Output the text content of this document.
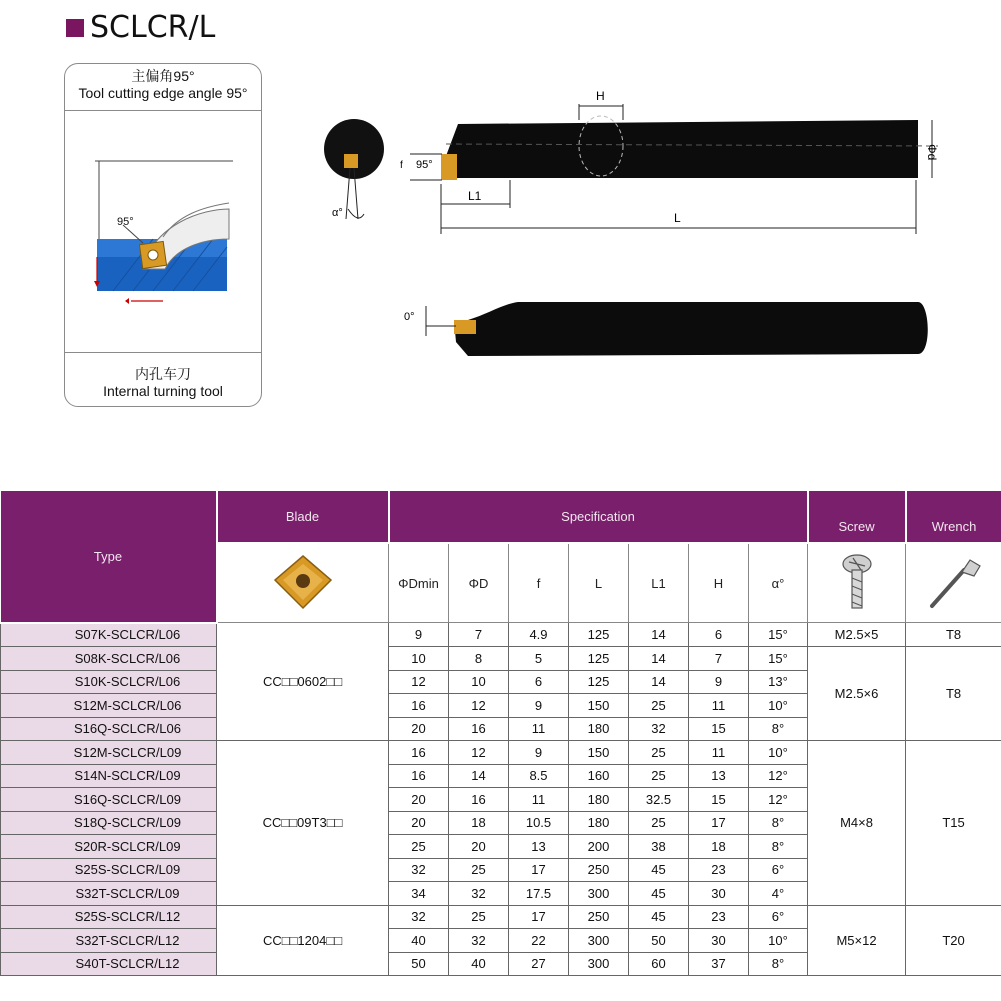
SCLCR/L
主偏角95°
Tool cutting edge angle 95°
95°
内孔车刀
Internal turning tool
α°
H
Φd
f 95°
L1
L
0°
Type	Blade	Specification							Screw	Wrench
	ΦDmin	ΦD	f	L	L1	H	α°		
S07K-SCLCR/L06	CC□□0602□□	9	7	4.9	125	14	6	15°	M2.5×5	T8
S08K-SCLCR/L06		10	8	5	125	14	7	15°	M2.5×6	T8
S10K-SCLCR/L06		12	10	6	125	14	9	13°		
S12M-SCLCR/L06		16	12	9	150	25	11	10°		
S16Q-SCLCR/L06		20	16	11	180	32	15	8°		
S12M-SCLCR/L09	CC□□09T3□□	16	12	9	150	25	11	10°	M4×8	T15
S14N-SCLCR/L09		16	14	8.5	160	25	13	12°		
S16Q-SCLCR/L09		20	16	11	180	32.5	15	12°		
S18Q-SCLCR/L09		20	18	10.5	180	25	17	8°		
S20R-SCLCR/L09		25	20	13	200	38	18	8°		
S25S-SCLCR/L09		32	25	17	250	45	23	6°		
S32T-SCLCR/L09		34	32	17.5	300	45	30	4°		
S25S-SCLCR/L12	CC□□1204□□	32	25	17	250	45	23	6°	M5×12	T20
S32T-SCLCR/L12		40	32	22	300	50	30	10°		
S40T-SCLCR/L12		50	40	27	300	60	37	8°		
